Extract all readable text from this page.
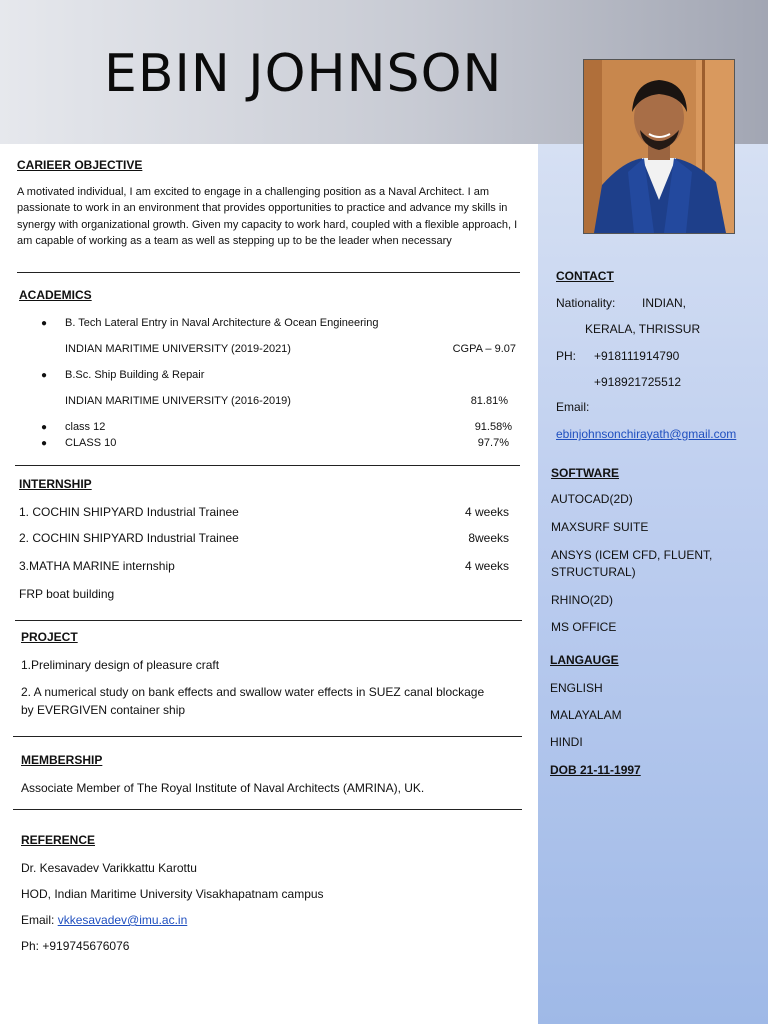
EBIN JOHNSON
CARIEER OBJECTIVE
A motivated individual, I am excited to engage in a challenging position as a Naval Architect. I am passionate to work in an environment that provides opportunities to practice and advance my skills in synergy with organizational growth. Given my capacity to work hard, coupled with a flexible approach, I am capable of working as a team as well as stepping up to be the leader when necessary
ACADEMICS
● B. Tech Lateral Entry in Naval Architecture & Ocean Engineering
INDIAN MARITIME UNIVERSITY (2019-2021)	CGPA – 9.07
● B.Sc. Ship Building & Repair
INDIAN MARITIME UNIVERSITY (2016-2019)	81.81%
● class 12	91.58%
● CLASS 10	97.7%
INTERNSHIP
1. COCHIN SHIPYARD Industrial Trainee	4 weeks
2. COCHIN SHIPYARD Industrial Trainee	8weeks
3.MATHA MARINE internship	4 weeks
FRP boat building
PROJECT
1.Preliminary design of pleasure craft
2. A numerical study on bank effects and swallow water effects in SUEZ canal blockage
by EVERGIVEN container ship
MEMBERSHIP
Associate Member of The Royal Institute of Naval Architects (AMRINA), UK.
REFERENCE
Dr. Kesavadev Varikkattu Karottu
HOD, Indian Maritime University Visakhapatnam campus
Email: vkkesavadev@imu.ac.in
Ph: +919745676076
CONTACT
Nationality: INDIAN,
KERALA, THRISSUR
PH: +918111914790
+918921725512
Email:
ebinjohnsonchirayath@gmail.com
SOFTWARE
AUTOCAD(2D)
MAXSURF SUITE
ANSYS (ICEM CFD, FLUENT,
STRUCTURAL)
RHINO(2D)
MS OFFICE
LANGAUGE
ENGLISH
MALAYALAM
HINDI
DOB 21-11-1997
